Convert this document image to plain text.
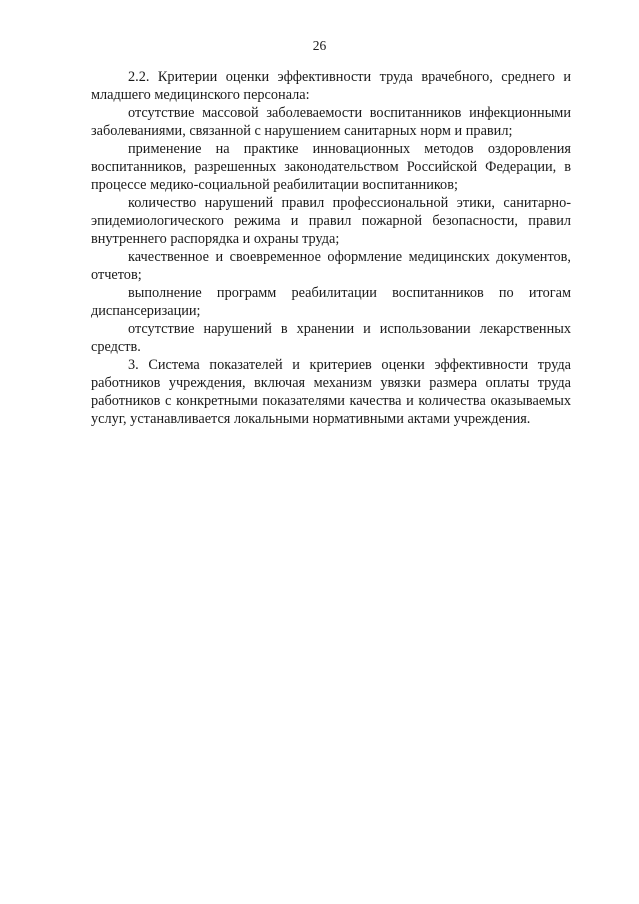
26

2.2. Критерии оценки эффективности труда врачебного, среднего и младшего медицинского персонала:

отсутствие массовой заболеваемости воспитанников инфекционными заболеваниями, связанной с нарушением санитарных норм и правил;

применение на практике инновационных методов оздоровления воспитанников, разрешенных законодательством Российской Федерации, в процессе медико-социальной реабилитации воспитанников;

количество нарушений правил профессиональной этики, санитарно-эпидемиологического режима и правил пожарной безопасности, правил внутреннего распорядка и охраны труда;

качественное и своевременное оформление медицинских документов, отчетов;

выполнение программ реабилитации воспитанников по итогам диспансеризации;

отсутствие нарушений в хранении и использовании лекарственных средств.

3. Система показателей и критериев оценки эффективности труда работников учреждения, включая механизм увязки размера оплаты труда работников с конкретными показателями качества и количества оказываемых услуг, устанавливается локальными нормативными актами учреждения.
